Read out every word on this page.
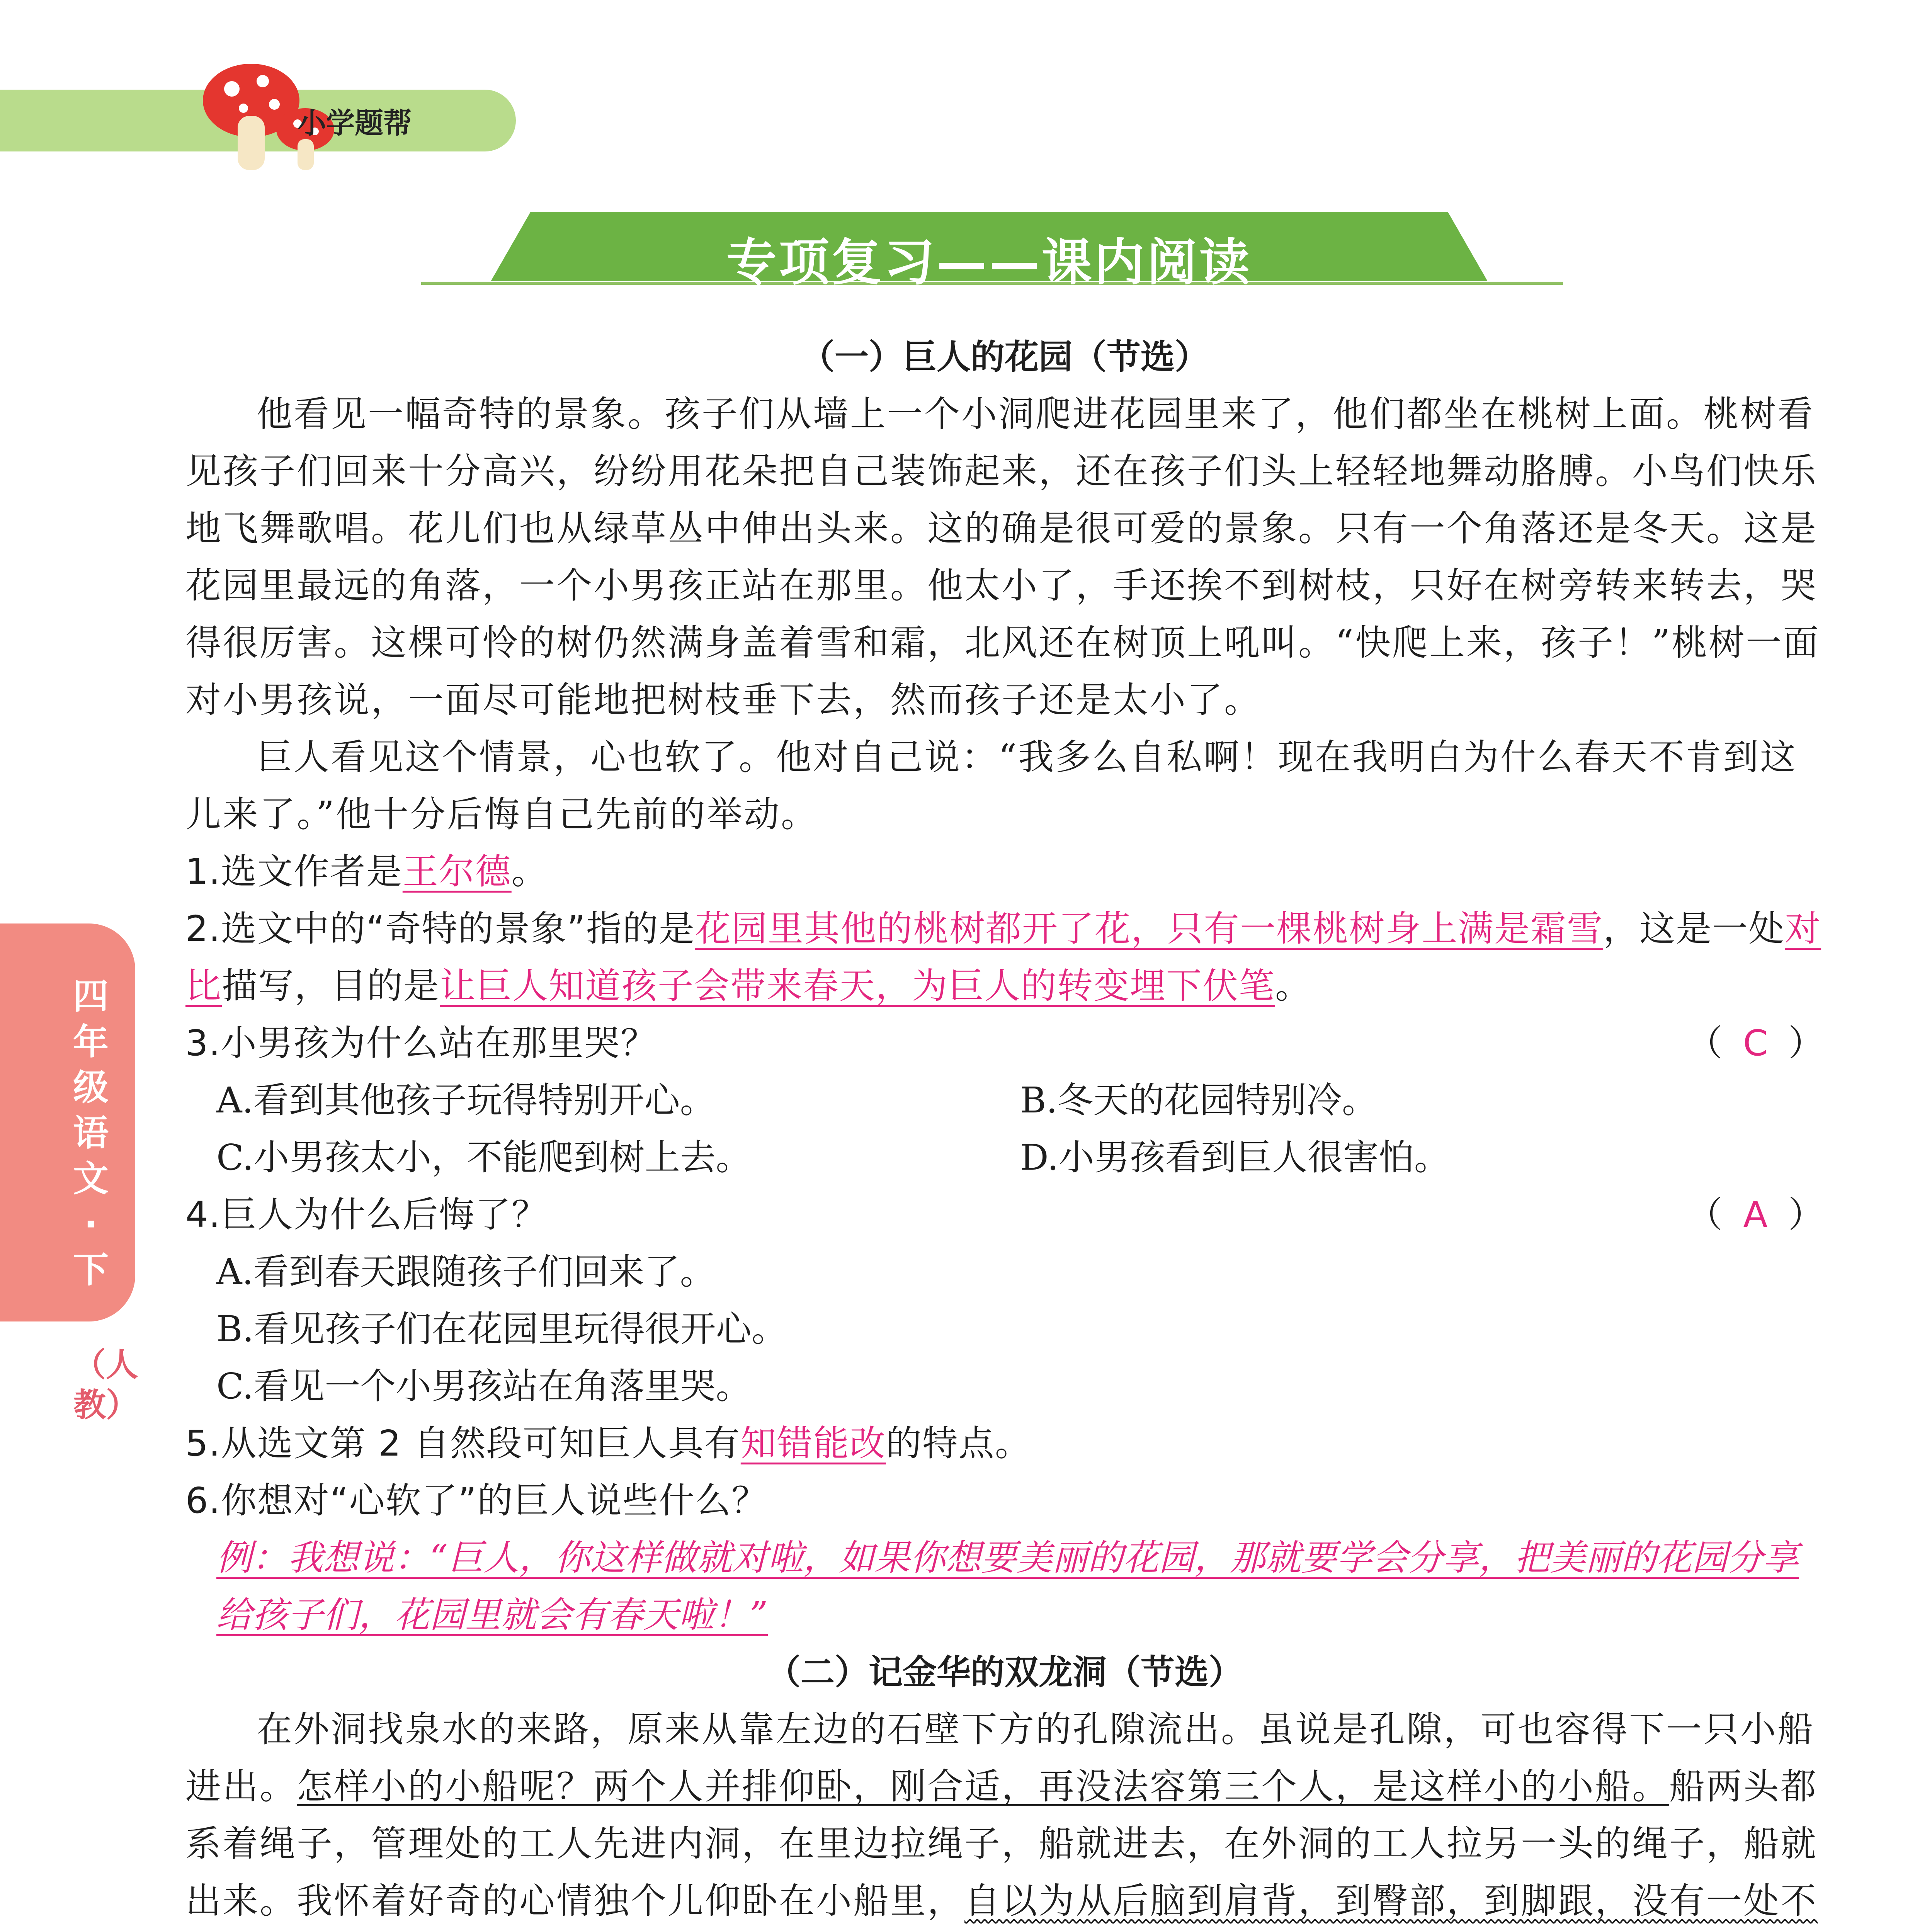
小学题帮
专项复习——课内阅读
四年级语文·下
（人教）

（一）巨人的花园（节选）

他看见一幅奇特的景象。孩子们从墙上一个小洞爬进花园里来了，他们都坐在桃树上面。桃树看见孩子们回来十分高兴，纷纷用花朵把自己装饰起来，还在孩子们头上轻轻地舞动胳膊。小鸟们快乐地飞舞歌唱。花儿们也从绿草丛中伸出头来。这的确是很可爱的景象。只有一个角落还是冬天。这是花园里最远的角落，一个小男孩正站在那里。他太小了，手还挨不到树枝，只好在树旁转来转去，哭得很厉害。这棵可怜的树仍然满身盖着雪和霜，北风还在树顶上吼叫。“快爬上来，孩子！”桃树一面对小男孩说，一面尽可能地把树枝垂下去，然而孩子还是太小了。

巨人看见这个情景，心也软了。他对自己说：“我多么自私啊！现在我明白为什么春天不肯到这儿来了。”他十分后悔自己先前的举动。

1.选文作者是王尔德。

2.选文中的“奇特的景象”指的是花园里其他的桃树都开了花，只有一棵桃树身上满是霜雪，这是一处对比描写，目的是让巨人知道孩子会带来春天，为巨人的转变埋下伏笔。

3.小男孩为什么站在那里哭？	（ C ）
A.看到其他孩子玩得特别开心。	B.冬天的花园特别冷。
C.小男孩太小，不能爬到树上去。	D.小男孩看到巨人很害怕。

4.巨人为什么后悔了？	（ A ）

A.看到春天跟随孩子们回来了。

B.看见孩子们在花园里玩得很开心。

C.看见一个小男孩站在角落里哭。

5.从选文第 2 自然段可知巨人具有知错能改的特点。

6.你想对“心软了”的巨人说些什么？

例：我想说：“巨人，你这样做就对啦，如果你想要美丽的花园，那就要学会分享，把美丽的花园分享给孩子们，花园里就会有春天啦！”

（二）记金华的双龙洞（节选）

在外洞找泉水的来路，原来从靠左边的石壁下方的孔隙流出。虽说是孔隙，可也容得下一只小船进出。怎样小的小船呢？两个人并排仰卧，刚合适，再没法容第三个人，是这样小的小船。船两头都系着绳子，管理处的工人先进内洞，在里边拉绳子，船就进去，在外洞的工人拉另一头的绳子，船就出来。我怀着好奇的心情独个儿仰卧在小船里，自以为从后脑到肩背，到臀部，到脚跟，没有一处不
